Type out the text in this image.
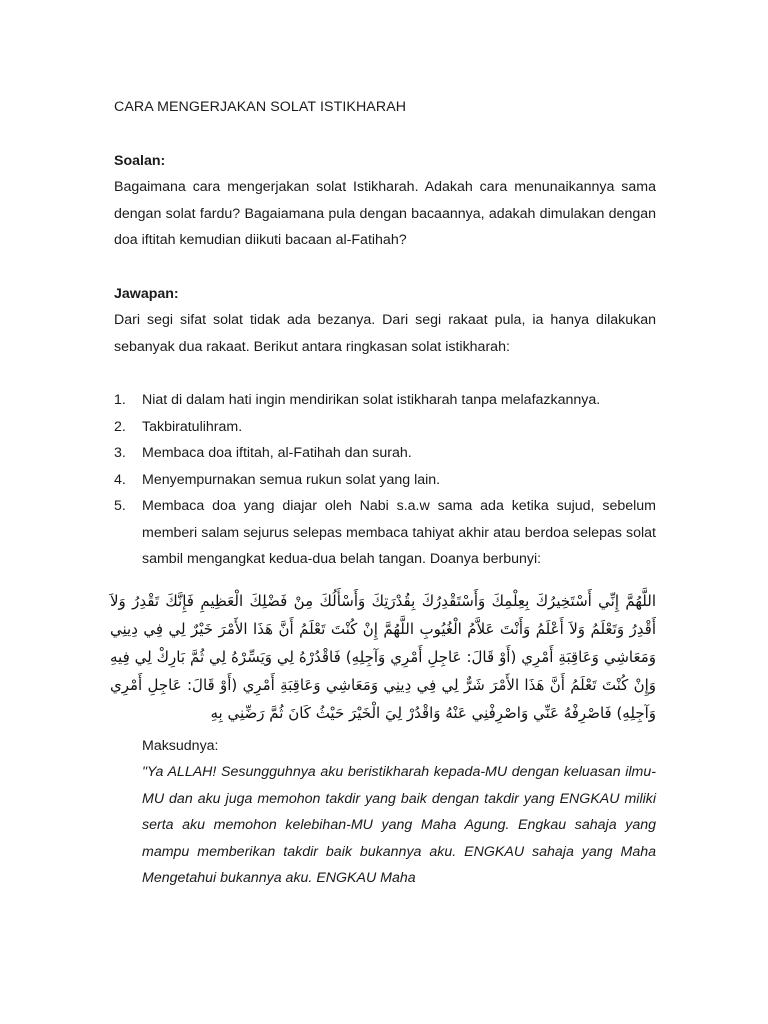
CARA MENGERJAKAN SOLAT ISTIKHARAH
Soalan:
Bagaimana cara mengerjakan solat Istikharah. Adakah cara menunaikannya sama dengan solat fardu? Bagaiamana pula dengan bacaannya, adakah dimulakan dengan doa iftitah kemudian diikuti bacaan al-Fatihah?
Jawapan:
Dari segi sifat solat tidak ada bezanya. Dari segi rakaat pula, ia hanya dilakukan sebanyak dua rakaat. Berikut antara ringkasan solat istikharah:
1. Niat di dalam hati ingin mendirikan solat istikharah tanpa melafazkannya.
2. Takbiratulihram.
3. Membaca doa iftitah, al-Fatihah dan surah.
4. Menyempurnakan semua rukun solat yang lain.
5. Membaca doa yang diajar oleh Nabi s.a.w sama ada ketika sujud, sebelum memberi salam sejurus selepas membaca tahiyat akhir atau berdoa selepas solat sambil mengangkat kedua-dua belah tangan. Doanya berbunyi:
اللَّهُمَّ إِنِّي أَسْتَخِيرُكَ بِعِلْمِكَ وَأَسْتَقْدِرُكَ بِقُدْرَتِكَ وَأَسْأَلُكَ مِنْ فَضْلِكَ الْعَظِيمِ فَإِنَّكَ تَقْدِرُ وَلاَ أَقْدِرُ وَتَعْلَمُ وَلاَ أَعْلَمُ وَأَنْتَ عَلاَّمُ الْغُيُوبِ اللَّهُمَّ إِنْ كُنْتَ تَعْلَمُ أَنَّ هَذَا الأَمْرَ خَيْرٌ لِي فِي دِينِي وَمَعَاشِي وَعَاقِبَةِ أَمْرِي (أَوْ قَالَ: عَاجِلِ أَمْرِي وَآجِلِهِ) فَاقْدُرْهُ لِي وَيَسِّرْهُ لِي ثُمَّ بَارِكْ لِي فِيهِ وَإِنْ كُنْتَ تَعْلَمُ أَنَّ هَذَا الأَمْرَ شَرٌّ لِي فِي دِينِي وَمَعَاشِي وَعَاقِبَةِ أَمْرِي (أَوْ قَالَ: عَاجِلِ أَمْرِي وَآجِلِهِ) فَاصْرِفْهُ عَنِّي وَاصْرِفْنِي عَنْهُ وَاقْدُرْ لِيَ الْخَيْرَ حَيْثُ كَانَ ثُمَّ رَضِّنِي بِهِ
Maksudnya:
"Ya ALLAH! Sesungguhnya aku beristikharah kepada-MU dengan keluasan ilmu-MU dan aku juga memohon takdir yang baik dengan takdir yang ENGKAU miliki serta aku memohon kelebihan-MU yang Maha Agung. Engkau sahaja yang mampu memberikan takdir baik bukannya aku. ENGKAU sahaja yang Maha Mengetahui bukannya aku. ENGKAU Maha
